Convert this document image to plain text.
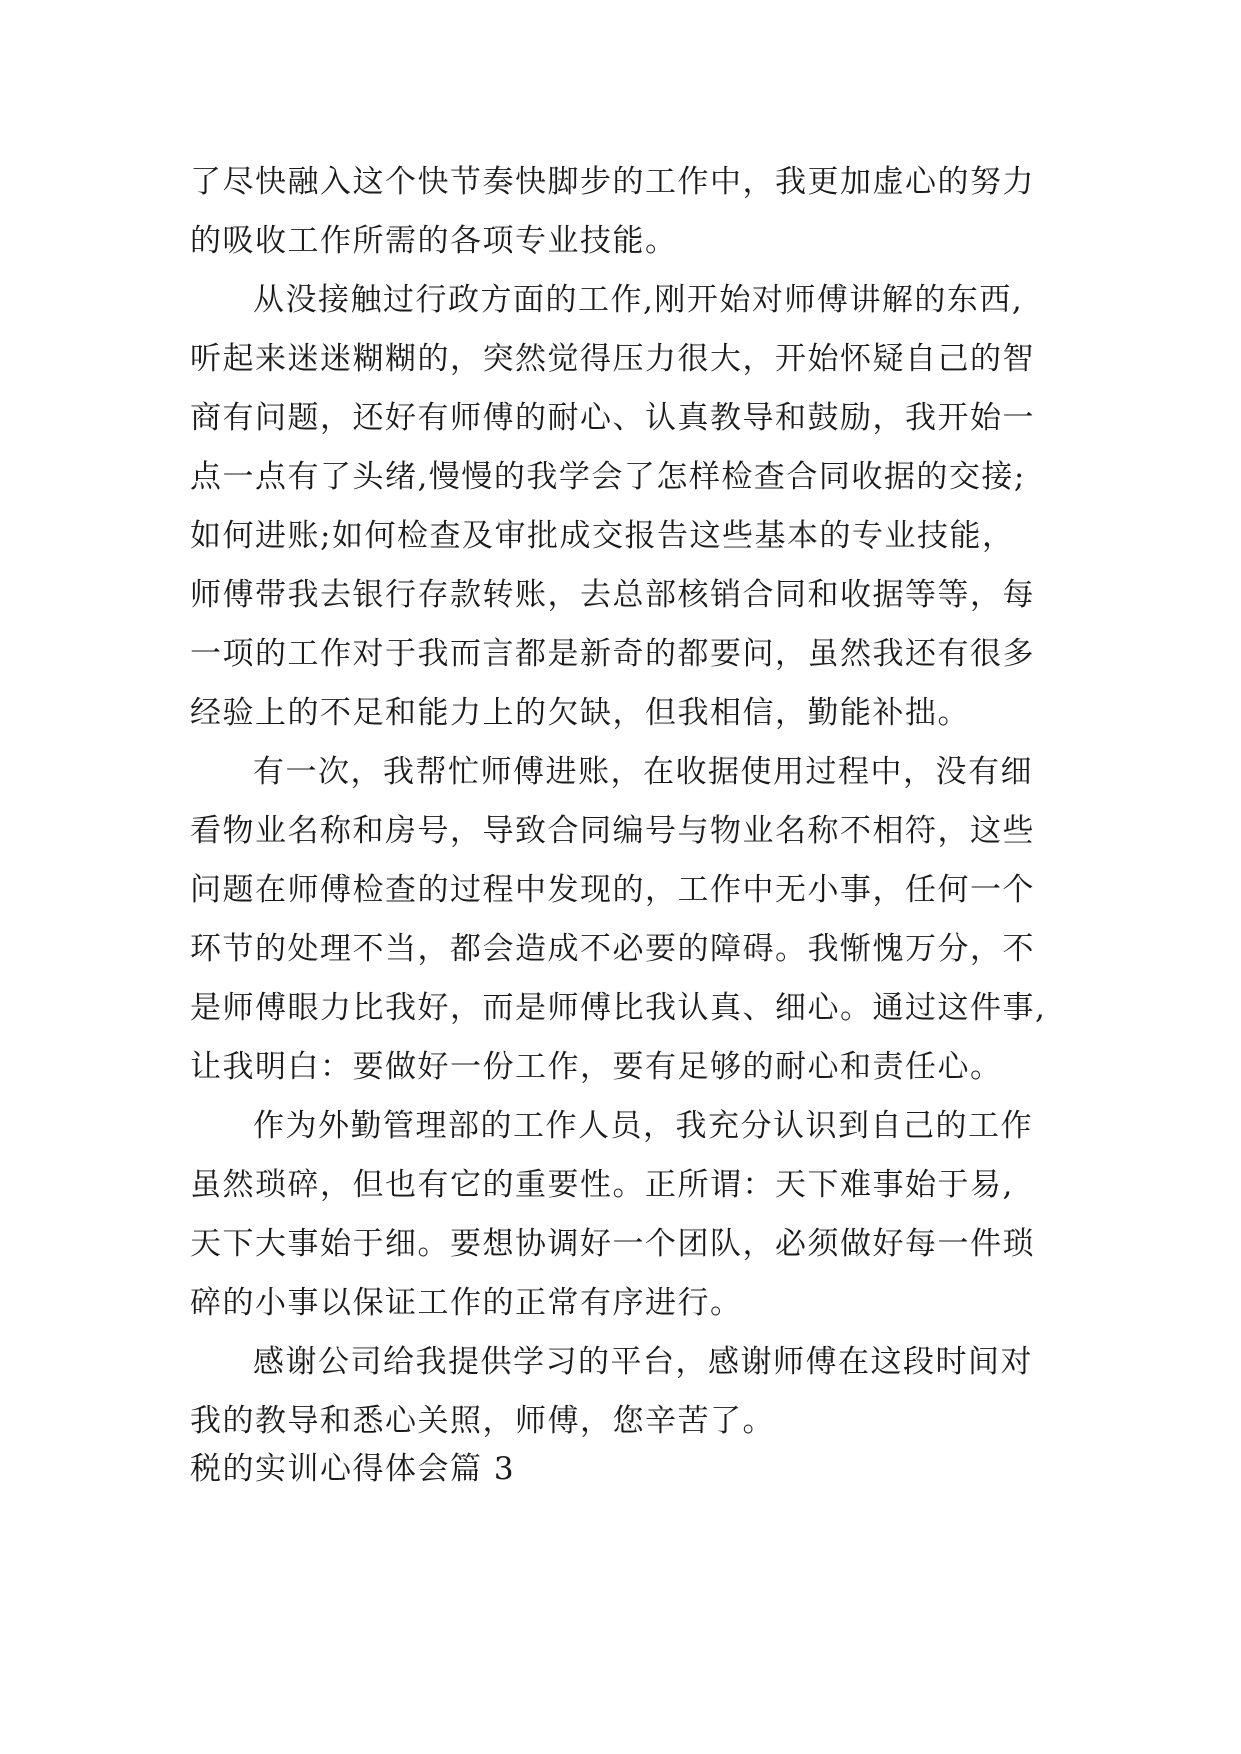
了尽快融入这个快节奏快脚步的工作中，我更加虚心的努力
的吸收工作所需的各项专业技能。
从没接触过行政方面的工作,刚开始对师傅讲解的东西,
听起来迷迷糊糊的，突然觉得压力很大，开始怀疑自己的智
商有问题，还好有师傅的耐心、认真教导和鼓励，我开始一
点一点有了头绪,慢慢的我学会了怎样检查合同收据的交接;
如何进账;如何检查及审批成交报告这些基本的专业技能，
师傅带我去银行存款转账，去总部核销合同和收据等等，每
一项的工作对于我而言都是新奇的都要问，虽然我还有很多
经验上的不足和能力上的欠缺，但我相信，勤能补拙。
有一次，我帮忙师傅进账，在收据使用过程中，没有细
看物业名称和房号，导致合同编号与物业名称不相符，这些
问题在师傅检查的过程中发现的，工作中无小事，任何一个
环节的处理不当，都会造成不必要的障碍。我惭愧万分，不
是师傅眼力比我好，而是师傅比我认真、细心。通过这件事,
让我明白：要做好一份工作，要有足够的耐心和责任心。
作为外勤管理部的工作人员，我充分认识到自己的工作
虽然琐碎，但也有它的重要性。正所谓：天下难事始于易,
天下大事始于细。要想协调好一个团队，必须做好每一件琐
碎的小事以保证工作的正常有序进行。
感谢公司给我提供学习的平台，感谢师傅在这段时间对
我的教导和悉心关照，师傅，您辛苦了。
税的实训心得体会篇 3
